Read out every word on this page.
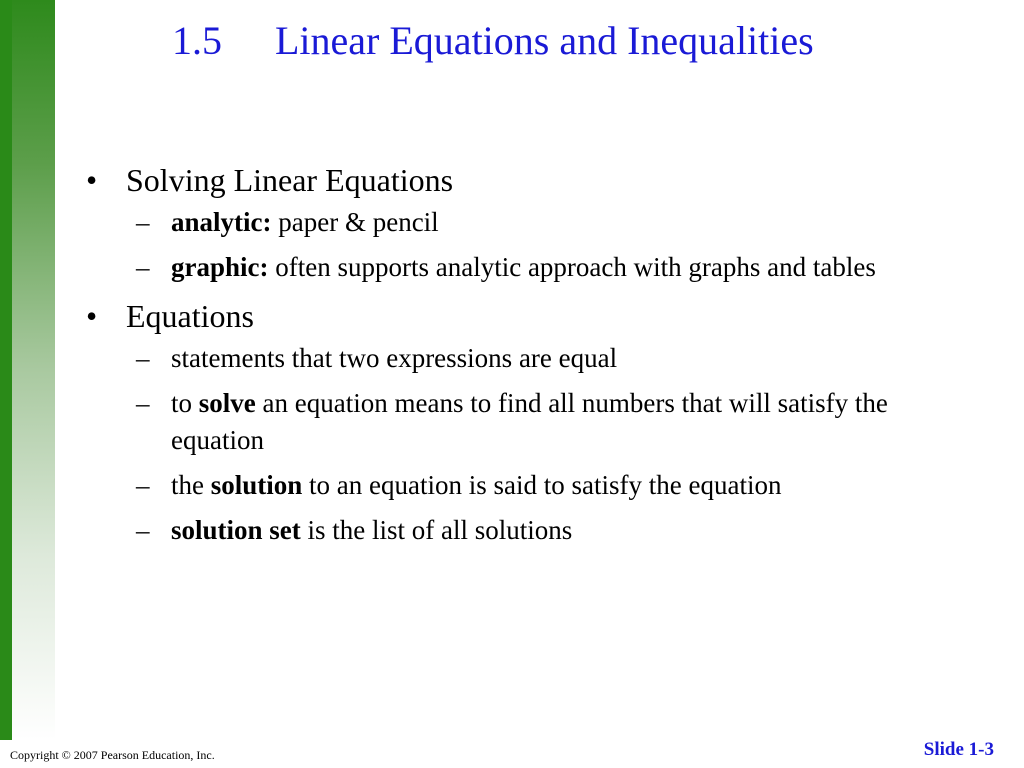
1.5 Linear Equations and Inequalities
• Solving Linear Equations
– analytic: paper & pencil
– graphic: often supports analytic approach with graphs and tables
• Equations
– statements that two expressions are equal
– to solve an equation means to find all numbers that will satisfy the equation
– the solution to an equation is said to satisfy the equation
– solution set is the list of all solutions
Copyright © 2007 Pearson Education, Inc.	Slide 1-3
